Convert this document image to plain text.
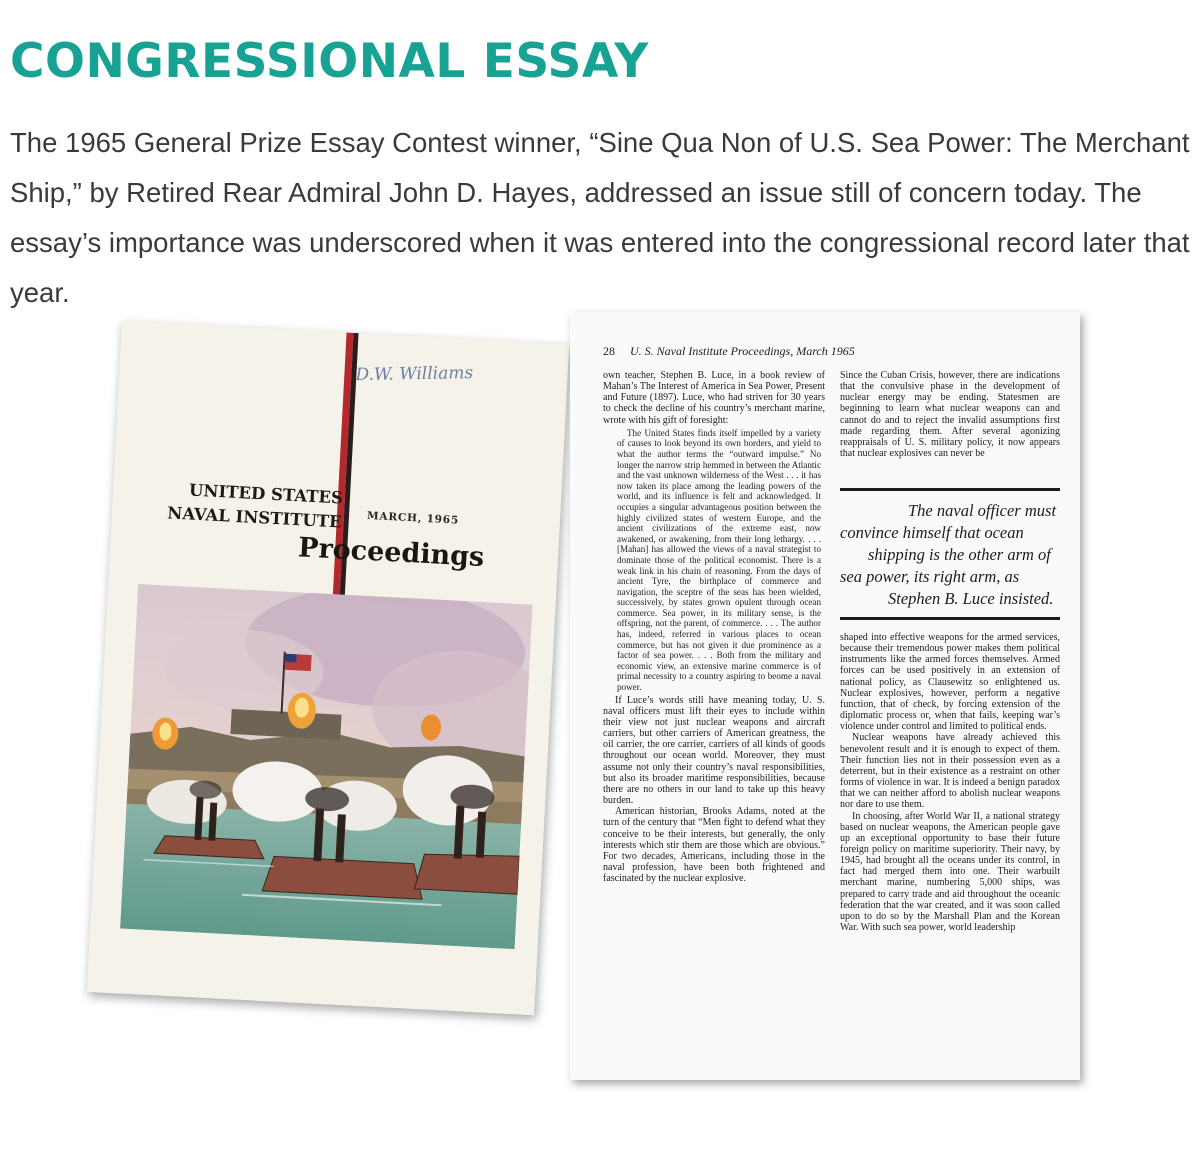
CONGRESSIONAL ESSAY

The 1965 General Prize Essay Contest winner, “Sine Qua Non of U.S. Sea Power: The Merchant Ship,” by Retired Rear Admiral John D. Hayes, addressed an issue still of concern today. The essay’s importance was underscored when it was entered into the congressional record later that year.

D.W. Williams
UNITED STATES
NAVAL INSTITUTE MARCH, 1965
Proceedings
28 U. S. Naval Institute Proceedings, March 1965

own teacher, Stephen B. Luce, in a book review of Mahan’s The Interest of America in Sea Power, Present and Future (1897). Luce, who had striven for 30 years to check the decline of his country’s merchant marine, wrote with his gift of foresight:

The United States finds itself impelled by a variety of causes to look beyond its own borders, and yield to what the author terms the “outward impulse.” No longer the narrow strip hemmed in between the Atlantic and the vast unknown wilderness of the West . . . it has now taken its place among the leading powers of the world, and its influence is felt and acknowledged. It occupies a singular advantageous position between the highly civilized states of western Europe, and the ancient civilizations of the extreme east, now awakened, or awakening, from their long lethargy. . . . [Mahan] has allowed the views of a naval strategist to dominate those of the political economist. There is a weak link in his chain of reasoning. From the days of ancient Tyre, the birthplace of commerce and navigation, the sceptre of the seas has been wielded, successively, by states grown opulent through ocean commerce. Sea power, in its military sense, is the offspring, not the parent, of commerce. . . . The author has, indeed, referred in various places to ocean commerce, but has not given it due prominence as a factor of sea power. . . . Both from the military and economic view, an extensive marine commerce is of primal necessity to a country aspiring to beome a naval power.

If Luce’s words still have meaning today, U. S. naval officers must lift their eyes to include within their view not just nuclear weapons and aircraft carriers, but other carriers of American greatness, the oil carrier, the ore carrier, carriers of all kinds of goods throughout our ocean world. Moreover, they must assume not only their country’s naval responsibilities, but also its broader maritime responsibilities, because there are no others in our land to take up this heavy burden.

American historian, Brooks Adams, noted at the turn of the century that “Men fight to defend what they conceive to be their interests, but generally, the only interests which stir them are those which are obvious.” For two decades, Americans, including those in the naval profession, have been both frightened and fascinated by the nuclear explosive.

Since the Cuban Crisis, however, there are indications that the convulsive phase in the development of nuclear energy may be ending. Statesmen are beginning to learn what nuclear weapons can and cannot do and to reject the invalid assumptions first made regarding them. After several agonizing reappraisals of U. S. military policy, it now appears that nuclear explosives can never be

The naval officer must
convince himself that ocean
shipping is the other arm of
sea power, its right arm, as
Stephen B. Luce insisted.

shaped into effective weapons for the armed services, because their tremendous power makes them political instruments like the armed forces themselves. Armed forces can be used positively in an extension of national policy, as Clausewitz so enlightened us. Nuclear explosives, however, perform a negative function, that of check, by forcing extension of the diplomatic process or, when that fails, keeping war’s violence under control and limited to political ends.

Nuclear weapons have already achieved this benevolent result and it is enough to expect of them. Their function lies not in their possession even as a deterrent, but in their existence as a restraint on other forms of violence in war. It is indeed a benign paradox that we can neither afford to abolish nuclear weapons nor dare to use them.

In choosing, after World War II, a national strategy based on nuclear weapons, the American people gave up an exceptional opportunity to base their future foreign policy on maritime superiority. Their navy, by 1945, had brought all the oceans under its control, in fact had merged them into one. Their warbuilt merchant marine, numbering 5,000 ships, was prepared to carry trade and aid throughout the oceanic federation that the war created, and it was soon called upon to do so by the Marshall Plan and the Korean War. With such sea power, world leadership
